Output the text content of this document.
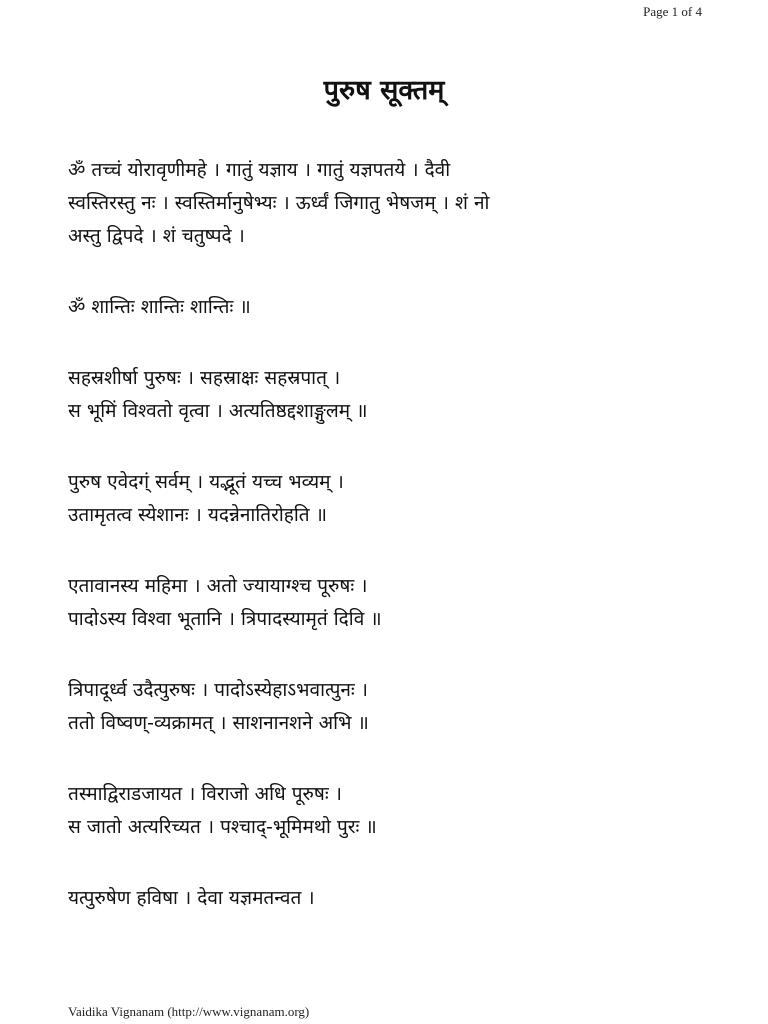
Page 1 of 4
पुरुष सूक्तम्
ॐ तच्चं योरावृणीमहे । गातुं यज्ञाय । गातुं यज्ञपतये । दैवी
स्वस्तिरस्तु नः । स्वस्तिर्मानुषेभ्यः । ऊर्ध्वं जिगातु भेषजम् । शं नो
अस्तु द्विपदे । शं चतुष्पदे ।
ॐ शान्तिः शान्तिः शान्तिः ॥
सहस्रशीर्षा पुरुषः । सहस्राक्षः सहस्रपात् ।
स भूमिं विश्वतो वृत्वा । अत्यतिष्ठद्दशाङ्गुलम् ॥
पुरुष एवेदग्ं सर्वम् । यद्भूतं यच्च भव्यम् ।
उतामृतत्व स्येशानः । यदन्नेनातिरोहति ॥
एतावानस्य महिमा । अतो ज्यायाग्श्च पूरुषः ।
पादोऽस्य विश्वा भूतानि । त्रिपादस्यामृतं दिवि ॥
त्रिपादूर्ध्व उदैत्पुरुषः । पादोऽस्येहाऽभवात्पुनः ।
ततो विष्वण्-व्यक्रामत् । साशनानशने अभि ॥
तस्माद्विराडजायत । विराजो अधि पूरुषः ।
स जातो अत्यरिच्यत । पश्चाद्-भूमिमथो पुरः ॥
यत्पुरुषेण हविषा । देवा यज्ञमतन्वत ।
Vaidika Vignanam (http://www.vignanam.org)
